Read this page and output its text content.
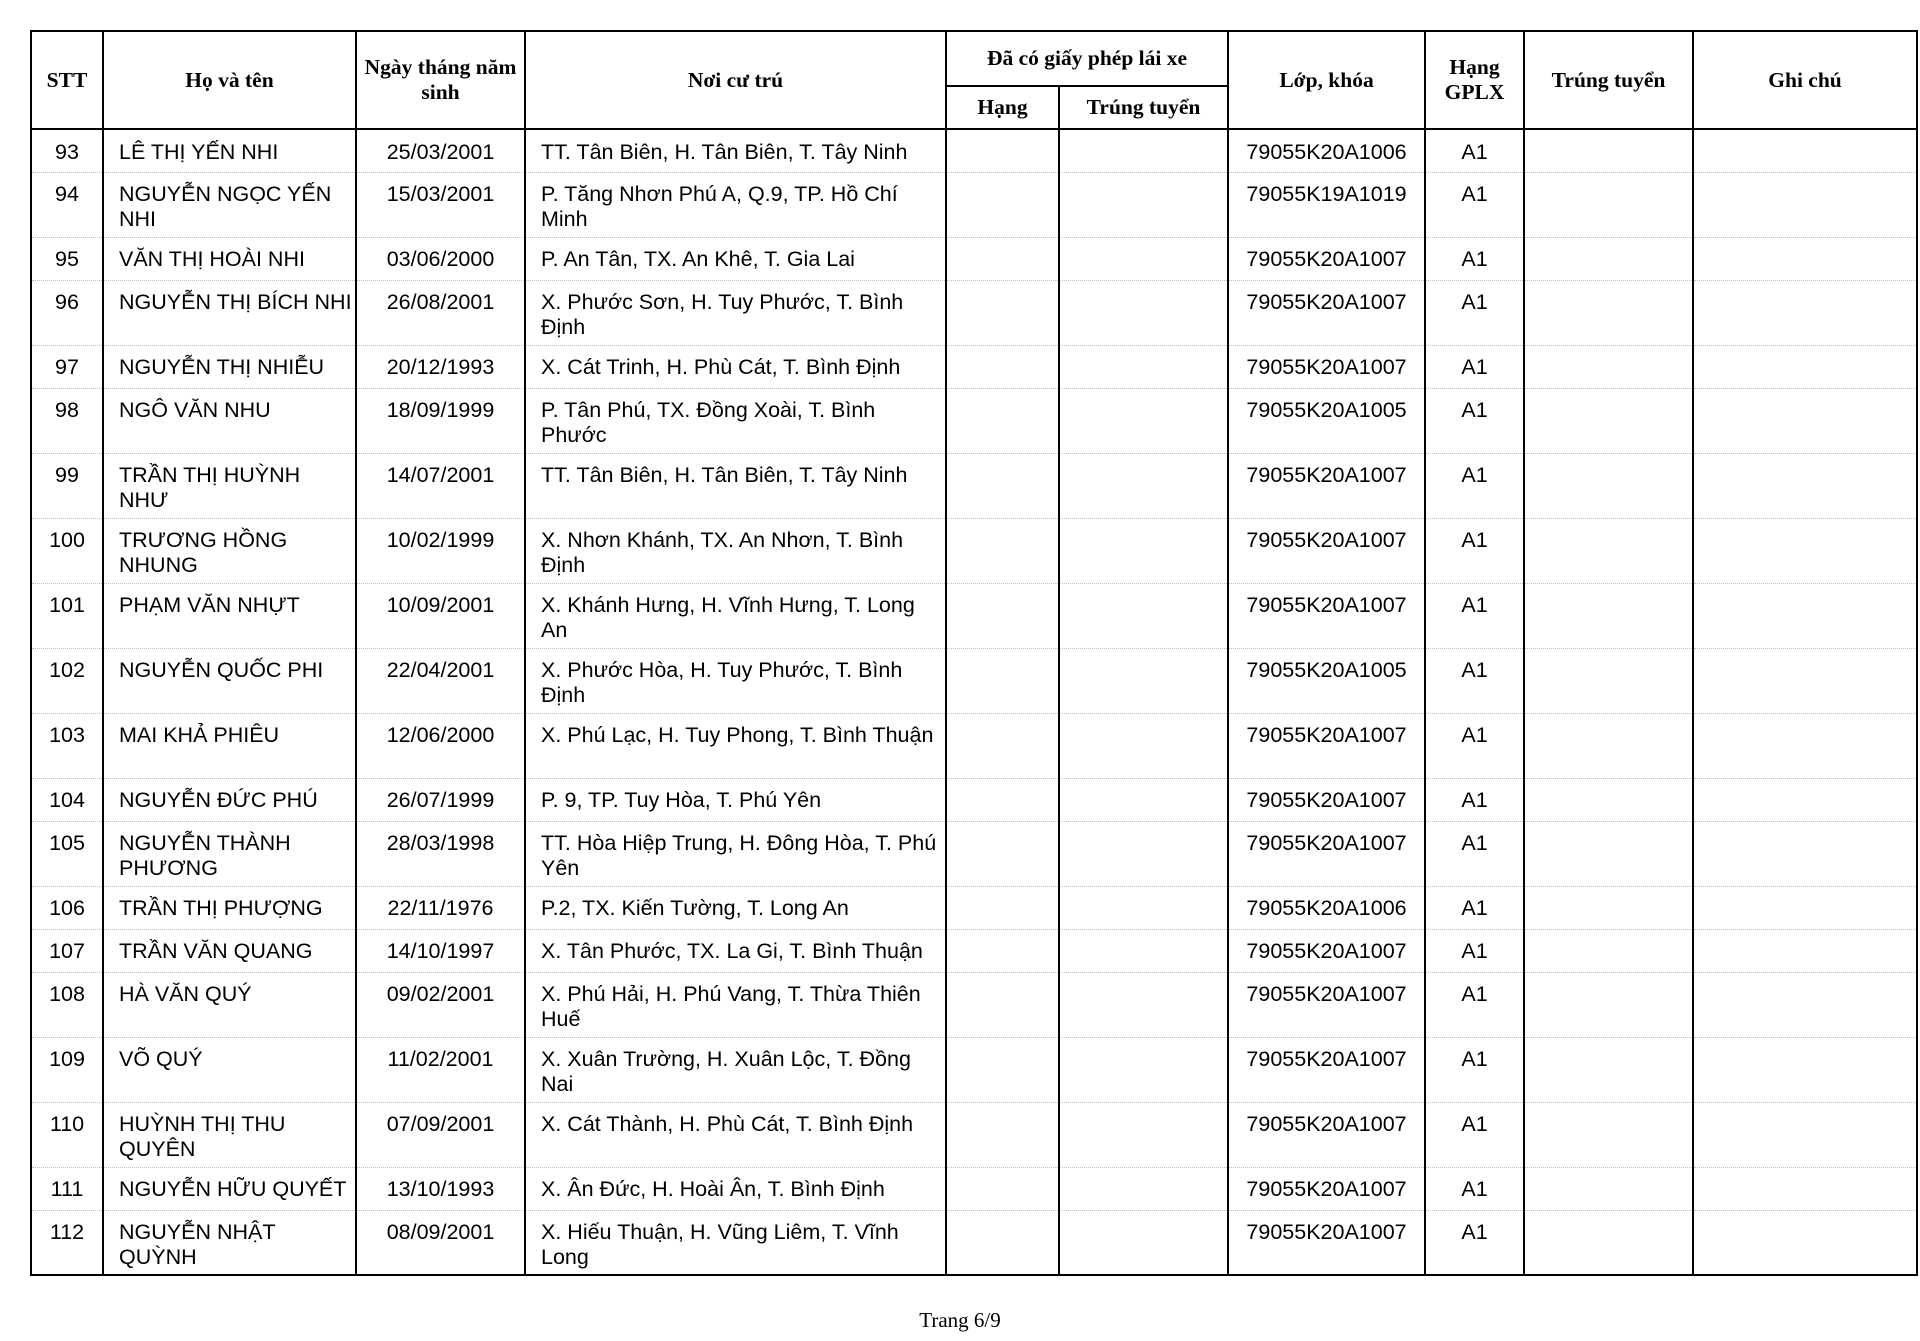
STT	Họ và tên	Ngày tháng năm sinh	Nơi cư trú	Đã có giấy phép lái xe		Lớp, khóa	Hạng GPLX	Trúng tuyển	Ghi chú
				Hạng	Trúng tuyển				
93	LÊ THỊ YẾN NHI	25/03/2001	TT. Tân Biên, H. Tân Biên, T. Tây Ninh			79055K20A1006	A1		
94	NGUYỄN NGỌC YẾN NHI	15/03/2001	P. Tăng Nhơn Phú A, Q.9, TP. Hồ Chí Minh			79055K19A1019	A1		
95	VĂN THỊ HOÀI NHI	03/06/2000	P. An Tân, TX. An Khê, T. Gia Lai			79055K20A1007	A1		
96	NGUYỄN THỊ BÍCH NHI	26/08/2001	X. Phước Sơn, H. Tuy Phước, T. Bình Định			79055K20A1007	A1		
97	NGUYỄN THỊ NHIỄU	20/12/1993	X. Cát Trinh, H. Phù Cát, T. Bình Định			79055K20A1007	A1		
98	NGÔ VĂN NHU	18/09/1999	P. Tân Phú, TX. Đồng Xoài, T. Bình Phước			79055K20A1005	A1		
99	TRẦN THỊ HUỲNH NHƯ	14/07/2001	TT. Tân Biên, H. Tân Biên, T. Tây Ninh			79055K20A1007	A1		
100	TRƯƠNG HỒNG NHUNG	10/02/1999	X. Nhơn Khánh, TX. An Nhơn, T. Bình Định			79055K20A1007	A1		
101	PHẠM VĂN NHỰT	10/09/2001	X. Khánh Hưng, H. Vĩnh Hưng, T. Long An			79055K20A1007	A1		
102	NGUYỄN QUỐC PHI	22/04/2001	X. Phước Hòa, H. Tuy Phước, T. Bình Định			79055K20A1005	A1		
103	MAI KHẢ PHIÊU	12/06/2000	X. Phú Lạc, H. Tuy Phong, T. Bình Thuận			79055K20A1007	A1		
104	NGUYỄN ĐỨC PHÚ	26/07/1999	P. 9, TP. Tuy Hòa, T. Phú Yên			79055K20A1007	A1		
105	NGUYỄN THÀNH PHƯƠNG	28/03/1998	TT. Hòa Hiệp Trung, H. Đông Hòa, T. Phú Yên			79055K20A1007	A1		
106	TRẦN THỊ PHƯỢNG	22/11/1976	P.2, TX. Kiến Tường, T. Long An			79055K20A1006	A1		
107	TRẦN VĂN QUANG	14/10/1997	X. Tân Phước, TX. La Gi, T. Bình Thuận			79055K20A1007	A1		
108	HÀ VĂN QUÝ	09/02/2001	X. Phú Hải, H. Phú Vang, T. Thừa Thiên Huế			79055K20A1007	A1		
109	VÕ QUÝ	11/02/2001	X. Xuân Trường, H. Xuân Lộc, T. Đồng Nai			79055K20A1007	A1		
110	HUỲNH THỊ THU QUYÊN	07/09/2001	X. Cát Thành, H. Phù Cát, T. Bình Định			79055K20A1007	A1		
111	NGUYỄN HỮU QUYẾT	13/10/1993	X. Ân Đức, H. Hoài Ân, T. Bình Định			79055K20A1007	A1		
112	NGUYỄN NHẬT QUỲNH	08/09/2001	X. Hiếu Thuận, H. Vũng Liêm, T. Vĩnh Long			79055K20A1007	A1		
Trang 6/9
